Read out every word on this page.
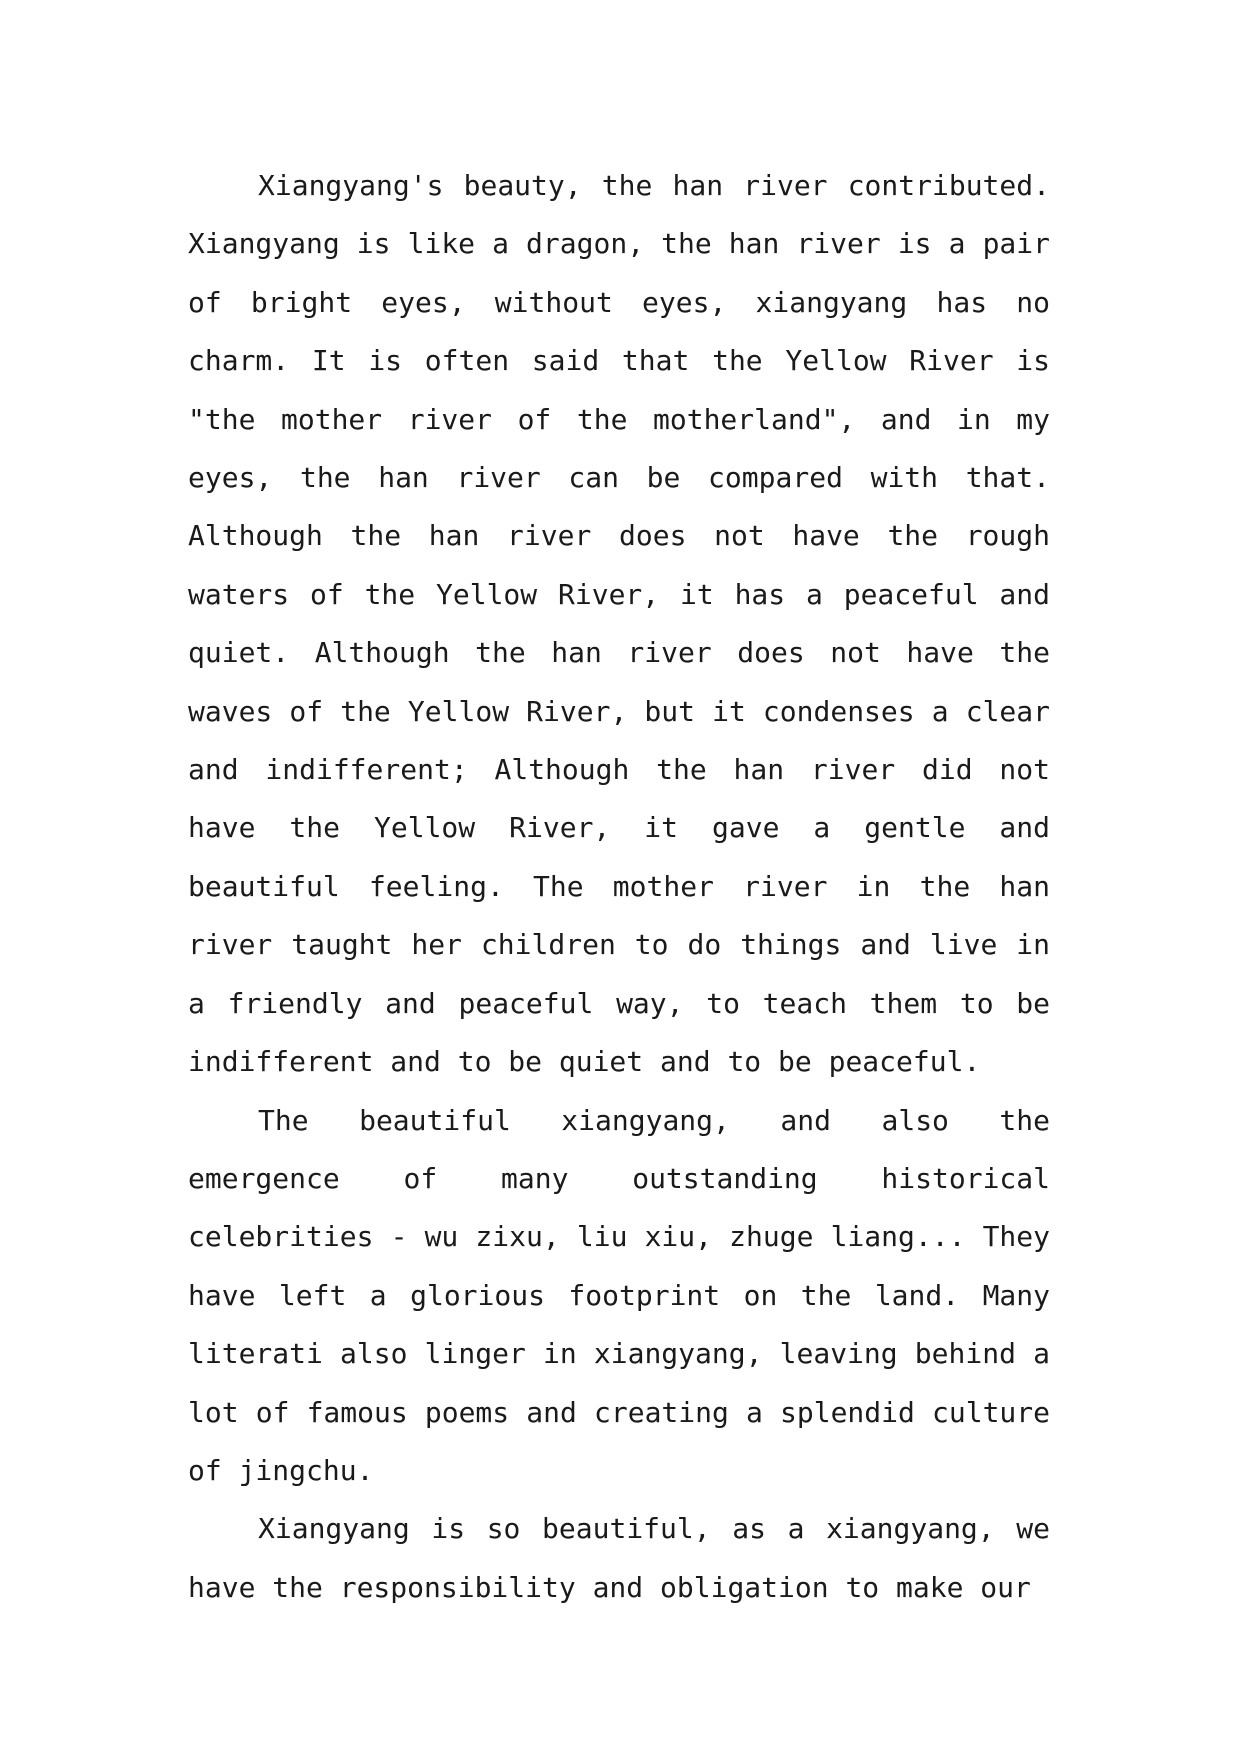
Xiangyang's beauty, the han river contributed. Xiangyang is like a dragon, the han river is a pair of bright eyes, without eyes, xiangyang has no charm. It is often said that the Yellow River is "the mother river of the motherland", and in my eyes, the han river can be compared with that. Although the han river does not have the rough waters of the Yellow River, it has a peaceful and quiet. Although the han river does not have the waves of the Yellow River, but it condenses a clear and indifferent; Although the han river did not have the Yellow River, it gave a gentle and beautiful feeling. The mother river in the han river taught her children to do things and live in a friendly and peaceful way, to teach them to be indifferent and to be quiet and to be peaceful.

The beautiful xiangyang, and also the emergence of many outstanding historical celebrities - wu zixu, liu xiu, zhuge liang... They have left a glorious footprint on the land. Many literati also linger in xiangyang, leaving behind a lot of famous poems and creating a splendid culture of jingchu.

Xiangyang is so beautiful, as a xiangyang, we have the responsibility and obligation to make our
